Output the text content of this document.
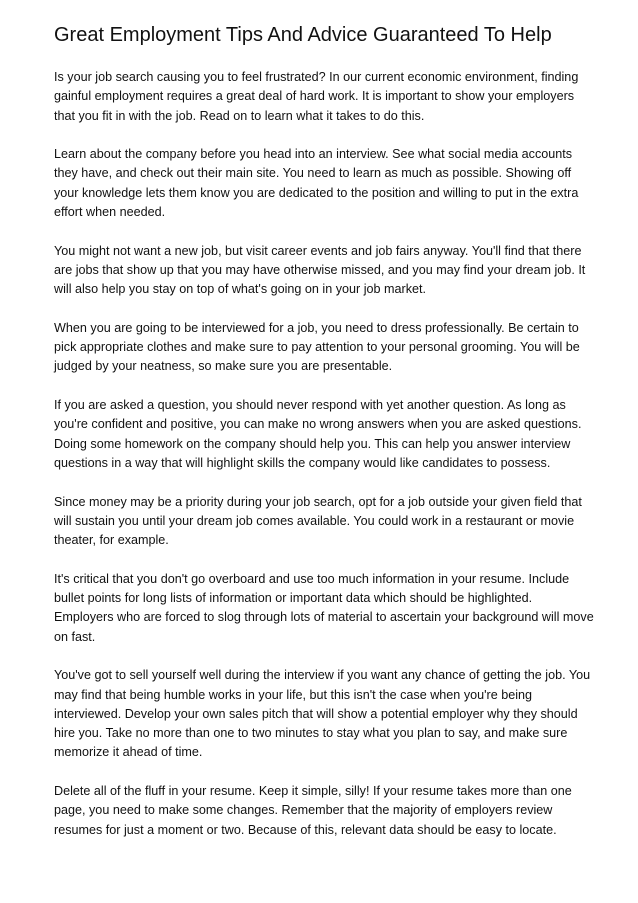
Great Employment Tips And Advice Guaranteed To Help

Is your job search causing you to feel frustrated? In our current economic environment, finding gainful employment requires a great deal of hard work. It is important to show your employers that you fit in with the job. Read on to learn what it takes to do this.

Learn about the company before you head into an interview. See what social media accounts they have, and check out their main site. You need to learn as much as possible. Showing off your knowledge lets them know you are dedicated to the position and willing to put in the extra effort when needed.

You might not want a new job, but visit career events and job fairs anyway. You'll find that there are jobs that show up that you may have otherwise missed, and you may find your dream job. It will also help you stay on top of what's going on in your job market.

When you are going to be interviewed for a job, you need to dress professionally. Be certain to pick appropriate clothes and make sure to pay attention to your personal grooming. You will be judged by your neatness, so make sure you are presentable.

If you are asked a question, you should never respond with yet another question. As long as you're confident and positive, you can make no wrong answers when you are asked questions. Doing some homework on the company should help you. This can help you answer interview questions in a way that will highlight skills the company would like candidates to possess.

Since money may be a priority during your job search, opt for a job outside your given field that will sustain you until your dream job comes available. You could work in a restaurant or movie theater, for example.

It's critical that you don't go overboard and use too much information in your resume. Include bullet points for long lists of information or important data which should be highlighted. Employers who are forced to slog through lots of material to ascertain your background will move on fast.

You've got to sell yourself well during the interview if you want any chance of getting the job. You may find that being humble works in your life, but this isn't the case when you're being interviewed. Develop your own sales pitch that will show a potential employer why they should hire you. Take no more than one to two minutes to stay what you plan to say, and make sure memorize it ahead of time.

Delete all of the fluff in your resume. Keep it simple, silly! If your resume takes more than one page, you need to make some changes. Remember that the majority of employers review resumes for just a moment or two. Because of this, relevant data should be easy to locate.
